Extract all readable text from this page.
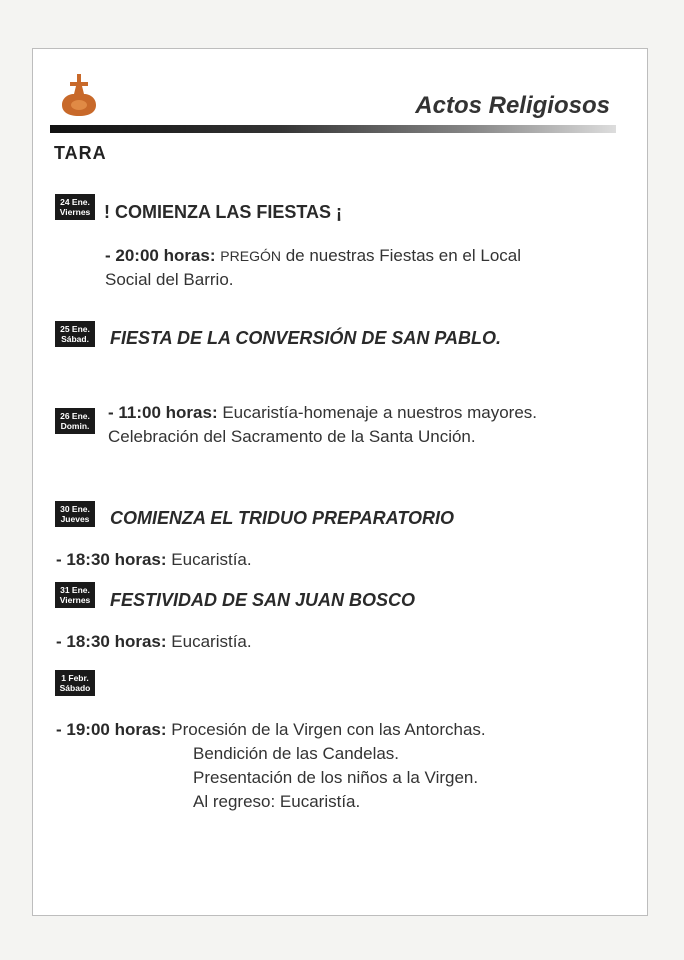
Actos Religiosos
TARA
24 Ene.
Viernes ! COMIENZA LAS FIESTAS ¡
- 20:00 horas: PREGÓN de nuestras Fiestas en el Local
Social del Barrio.
25 Ene.
Sábad.	FIESTA DE LA CONVERSIÓN DE SAN PABLO.
26 Ene.
Domin.
- 11:00 horas: Eucaristía-homenaje a nuestros mayores.
Celebración del Sacramento de la Santa Unción.
30 Ene.
Jueves	COMIENZA EL TRIDUO PREPARATORIO
- 18:30 horas: Eucaristía.
31 Ene.
Viernes FESTIVIDAD DE SAN JUAN BOSCO
- 18:30 horas: Eucaristía.
1 Febr.
Sábado
- 19:00 horas: Procesión de la Virgen con las Antorchas.
Bendición de las Candelas.
Presentación de los niños a la Virgen.
Al regreso: Eucaristía.
